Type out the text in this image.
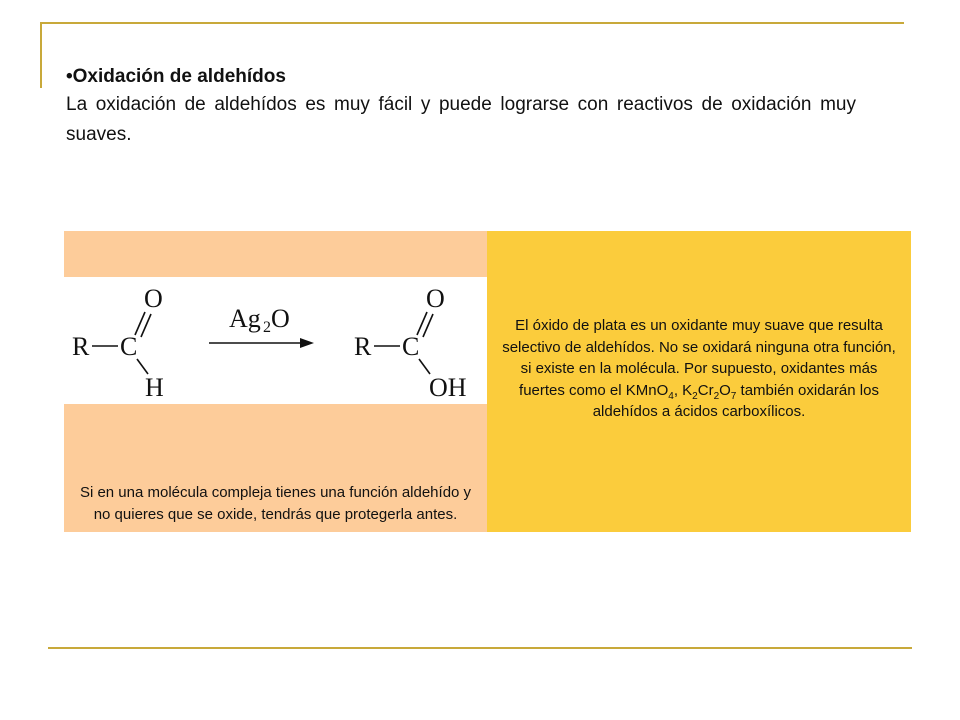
•Oxidación de aldehídos
La oxidación de aldehídos es muy fácil y puede lograrse con reactivos de oxidación muy suaves.
R C
O
H
Ag 2 O
R C
O
OH

Si en una molécula compleja tienes una función aldehído y no quieres que se oxide, tendrás que protegerla antes.

El óxido de plata es un oxidante muy suave que resulta selectivo de aldehídos. No se oxidará ninguna otra función, si existe en la molécula. Por supuesto, oxidantes más fuertes como el KMnO$_4$, $K_2Cr_2O_7$ también oxidarán los aldehídos a ácidos carboxílicos.
